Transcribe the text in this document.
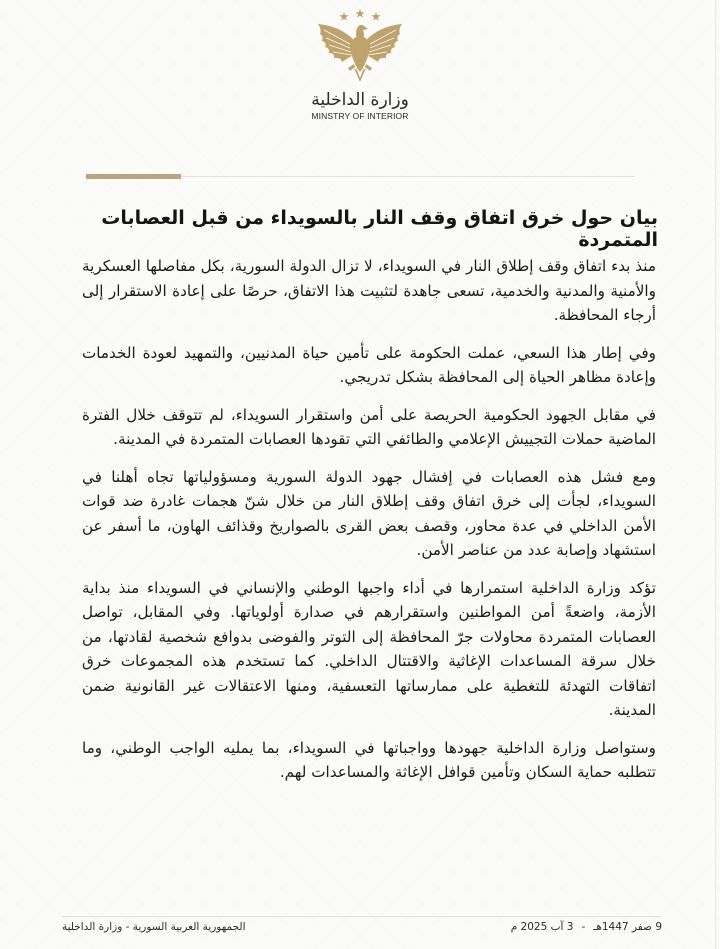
وزارة الداخلية
MINSTRY OF INTERIOR
بيان حول خرق اتفاق وقف النار بالسويداء من قبل العصابات المتمردة

منذ بدء اتفاق وقف إطلاق النار في السويداء، لا تزال الدولة السورية، بكل مفاصلها العسكرية والأمنية والمدنية والخدمية، تسعى جاهدة لتثبيت هذا الاتفاق، حرصًا على إعادة الاستقرار إلى أرجاء المحافظة.

وفي إطار هذا السعي، عملت الحكومة على تأمين حياة المدنيين، والتمهيد لعودة الخدمات وإعادة مظاهر الحياة إلى المحافظة بشكل تدريجي.

في مقابل الجهود الحكومية الحريصة على أمن واستقرار السويداء، لم تتوقف خلال الفترة الماضية حملات التجييش الإعلامي والطائفي التي تقودها العصابات المتمردة في المدينة.

ومع فشل هذه العصابات في إفشال جهود الدولة السورية ومسؤولياتها تجاه أهلنا في السويداء، لجأت إلى خرق اتفاق وقف إطلاق النار من خلال شنّ هجمات غادرة ضد قوات الأمن الداخلي في عدة محاور، وقصف بعض القرى بالصواريخ وقذائف الهاون، ما أسفر عن استشهاد وإصابة عدد من عناصر الأمن.

تؤكد وزارة الداخلية استمرارها في أداء واجبها الوطني والإنساني في السويداء منذ بداية الأزمة، واضعةً أمن المواطنين واستقرارهم في صدارة أولوياتها. وفي المقابل، تواصل العصابات المتمردة محاولات جرّ المحافظة إلى التوتر والفوضى بدوافع شخصية لقادتها، من خلال سرقة المساعدات الإغاثية والاقتتال الداخلي. كما تستخدم هذه المجموعات خرق اتفاقات التهدئة للتغطية على ممارساتها التعسفية، ومنها الاعتقالات غير القانونية ضمن المدينة.

وستواصل وزارة الداخلية جهودها وواجباتها في السويداء، بما يمليه الواجب الوطني، وما تتطلبه حماية السكان وتأمين قوافل الإغاثة والمساعدات لهم.

9 صفر 1447هـ
-
3 آب 2025 م
الجمهورية العربية السورية - وزارة الداخلية
